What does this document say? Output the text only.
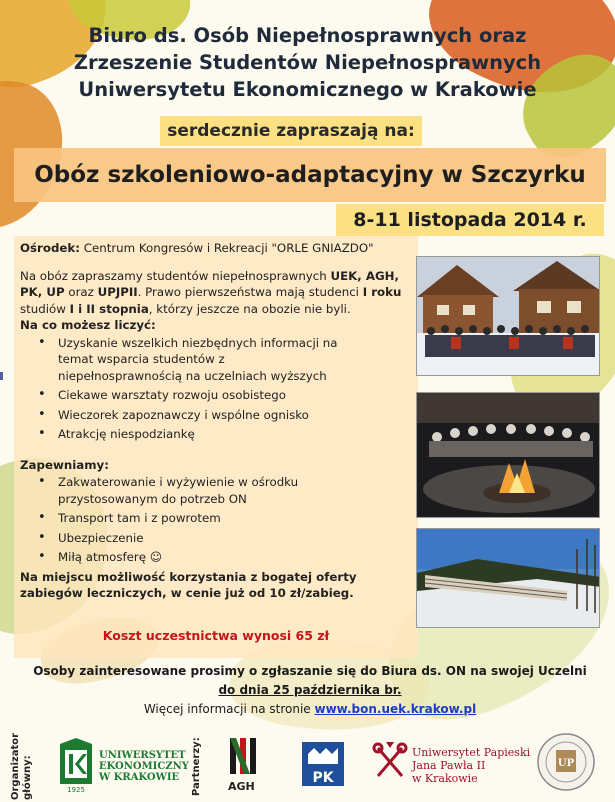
Biuro ds. Osób Niepełnosprawnych oraz
Zrzeszenie Studentów Niepełnosprawnych
Uniwersytetu Ekonomicznego w Krakowie
serdecznie zapraszają na:
Obóz szkoleniowo-adaptacyjny w Szczyrku
8-11 listopada 2014 r.

Ośrodek: Centrum Kongresów i Rekreacji "ORLE GNIAZDO"

Na obóz zapraszamy studentów niepełnosprawnych UEK, AGH,
PK, UP oraz UPJPII. Prawo pierwszeństwa mają studenci I roku
studiów I i II stopnia, którzy jeszcze na obozie nie byli.

Na co możesz liczyć:
• Uzyskanie wszelkich niezbędnych informacji na temat wsparcia studentów z niepełnosprawnością na uczelniach wyższych
• Ciekawe warsztaty rozwoju osobistego
• Wieczorek zapoznawczy i wspólne ognisko
• Atrakcję niespodziankę
Zapewniamy:
• Zakwaterowanie i wyżywienie w ośrodku przystosowanym do potrzeb ON
• Transport tam i z powrotem
• Ubezpieczenie
• Miłą atmosferę ☺

Na miejscu możliwość korzystania z bogatej oferty zabiegów leczniczych, w cenie już od 10 zł/zabieg.

Koszt uczestnictwa wynosi 65 zł
Osoby zainteresowane prosimy o zgłaszanie się do Biura ds. ON na swojej Uczelni
do dnia 25 października br.
Więcej informacji na stronie www.bon.uek.krakow.pl
Organizator główny:	1925
UNIWERSYTET
EKONOMICZNY
W KRAKOWIE	Partnerzy: AGH
PK
Uniwersytet Papieski
Jana Pawła II
w Krakowie
UP
